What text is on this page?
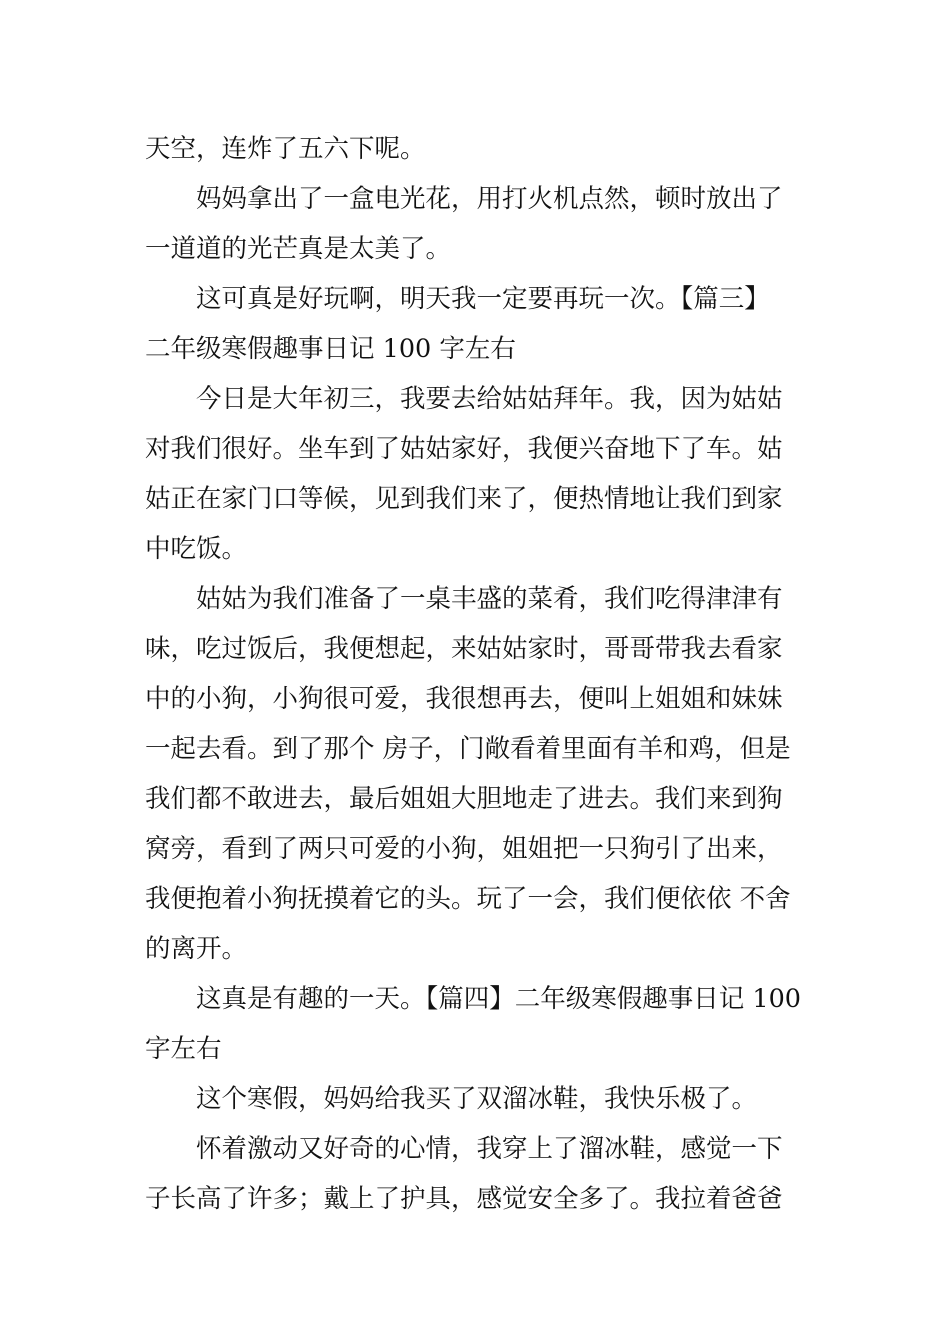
天空，连炸了五六下呢。
妈妈拿出了一盒电光花，用打火机点然，顿时放出了
一道道的光芒真是太美了。
这可真是好玩啊，明天我一定要再玩一次。【篇三】
二年级寒假趣事日记 100 字左右
今日是大年初三，我要去给姑姑拜年。我，因为姑姑
对我们很好。坐车到了姑姑家好，我便兴奋地下了车。姑
姑正在家门口等候，见到我们来了，便热情地让我们到家
中吃饭。
姑姑为我们准备了一桌丰盛的菜肴，我们吃得津津有
味，吃过饭后，我便想起，来姑姑家时，哥哥带我去看家
中的小狗，小狗很可爱，我很想再去，便叫上姐姐和妹妹
一起去看。到了那个 房子，门敞看着里面有羊和鸡，但是
我们都不敢进去，最后姐姐大胆地走了进去。我们来到狗
窝旁，看到了两只可爱的小狗，姐姐把一只狗引了出来，
我便抱着小狗抚摸着它的头。玩了一会，我们便依依 不舍
的离开。
这真是有趣的一天。【篇四】二年级寒假趣事日记 100
字左右
这个寒假，妈妈给我买了双溜冰鞋，我快乐极了。
怀着激动又好奇的心情，我穿上了溜冰鞋，感觉一下
子长高了许多；戴上了护具，感觉安全多了。我拉着爸爸
